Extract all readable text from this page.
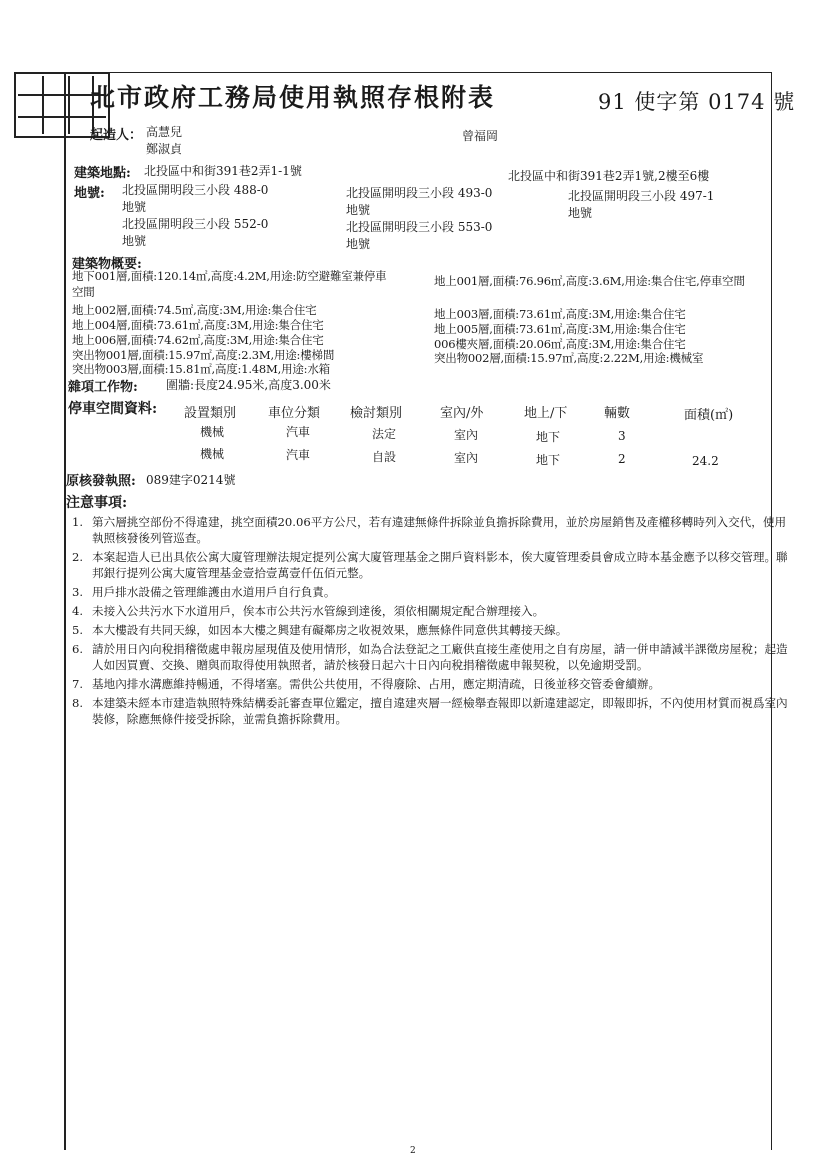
北市政府工務局使用執照存根附表	91 使字第 0174 號
起造人： 高慧兒
鄭淑貞
曾福岡
建築地點: 北投區中和街391巷2弄1-1號	北投區中和街391巷2弄1號,2樓至6樓
地號: 北投區開明段三小段 488-0地號
北投區開明段三小段 493-0地號
北投區開明段三小段 497-1地號
北投區開明段三小段 552-0地號
北投區開明段三小段 553-0地號
建築物概要:
地下001層,面積:120.14㎡,高度:4.2M,用途:防空避難室兼停車	地上001層,面積:76.96㎡,高度:3.6M,用途:集合住宅,停車空間
空間
地上002層,面積:74.5㎡,高度:3M,用途:集合住宅
地上004層,面積:73.61㎡,高度:3M,用途:集合住宅
地上006層,面積:74.62㎡,高度:3M,用途:集合住宅
突出物001層,面積:15.97㎡,高度:2.3M,用途:樓梯間
突出物003層,面積:15.81㎡,高度:1.48M,用途:水箱
地上003層,面積:73.61㎡,高度:3M,用途:集合住宅
地上005層,面積:73.61㎡,高度:3M,用途:集合住宅
006樓夾層,面積:20.06㎡,高度:3M,用途:集合住宅
突出物002層,面積:15.97㎡,高度:2.22M,用途:機械室
雜項工作物: 圍牆:長度24.95米,高度3.00米
停車空間資料: 設置類別 車位分類 檢討類別	室內/外	地上/下	輛數	面積(㎡)
機械	汽車	法定	室內	地下	3
機械	汽車	自設	室內	地下	2	24.2
原核發執照: 089建字0214號
注意事項:
1. 第六層挑空部份不得違建，挑空面積20.06平方公尺，若有違建無條件拆除並負擔拆除費用，並於房屋銷售及產權移轉時列入交代，使用執照核發後列管巡查。
2. 本案起造人已出具依公寓大廈管理辦法規定提列公寓大廈管理基金之開戶資料影本，俟大廈管理委員會成立時本基金應予以移交管理。聯邦銀行提列公寓大廈管理基金壹拾壹萬壹仟伍佰元整。
3. 用戶排水設備之管理維護由水道用戶自行負責。
4. 未接入公共污水下水道用戶，俟本市公共污水管線到達後，須依相關規定配合辦理接入。
5. 本大樓設有共同天線，如因本大樓之興建有礙鄰房之收視效果，應無條件同意供其轉接天線。
6. 請於用日內向稅捐稽徵處申報房屋現值及使用情形，如為合法登記之工廠供直接生產使用之自有房屋，請一併申請減半課徵房屋稅；起造人如因買賣、交換、贈與而取得使用執照者，請於核發日起六十日內向稅捐稽徵處申報契稅，以免逾期受罰。
7. 基地內排水溝應維持暢通，不得堵塞。需供公共使用，不得廢除、占用，應定期清疏，日後並移交管委會續辦。
8. 本建築未經本市建造執照特殊結構委託審查單位鑑定，擅自違建夾層一經檢舉查報即以新違建認定，即報即拆，不內使用材質而視爲室內裝修，除應無條件接受拆除，並需負擔拆除費用。
2
